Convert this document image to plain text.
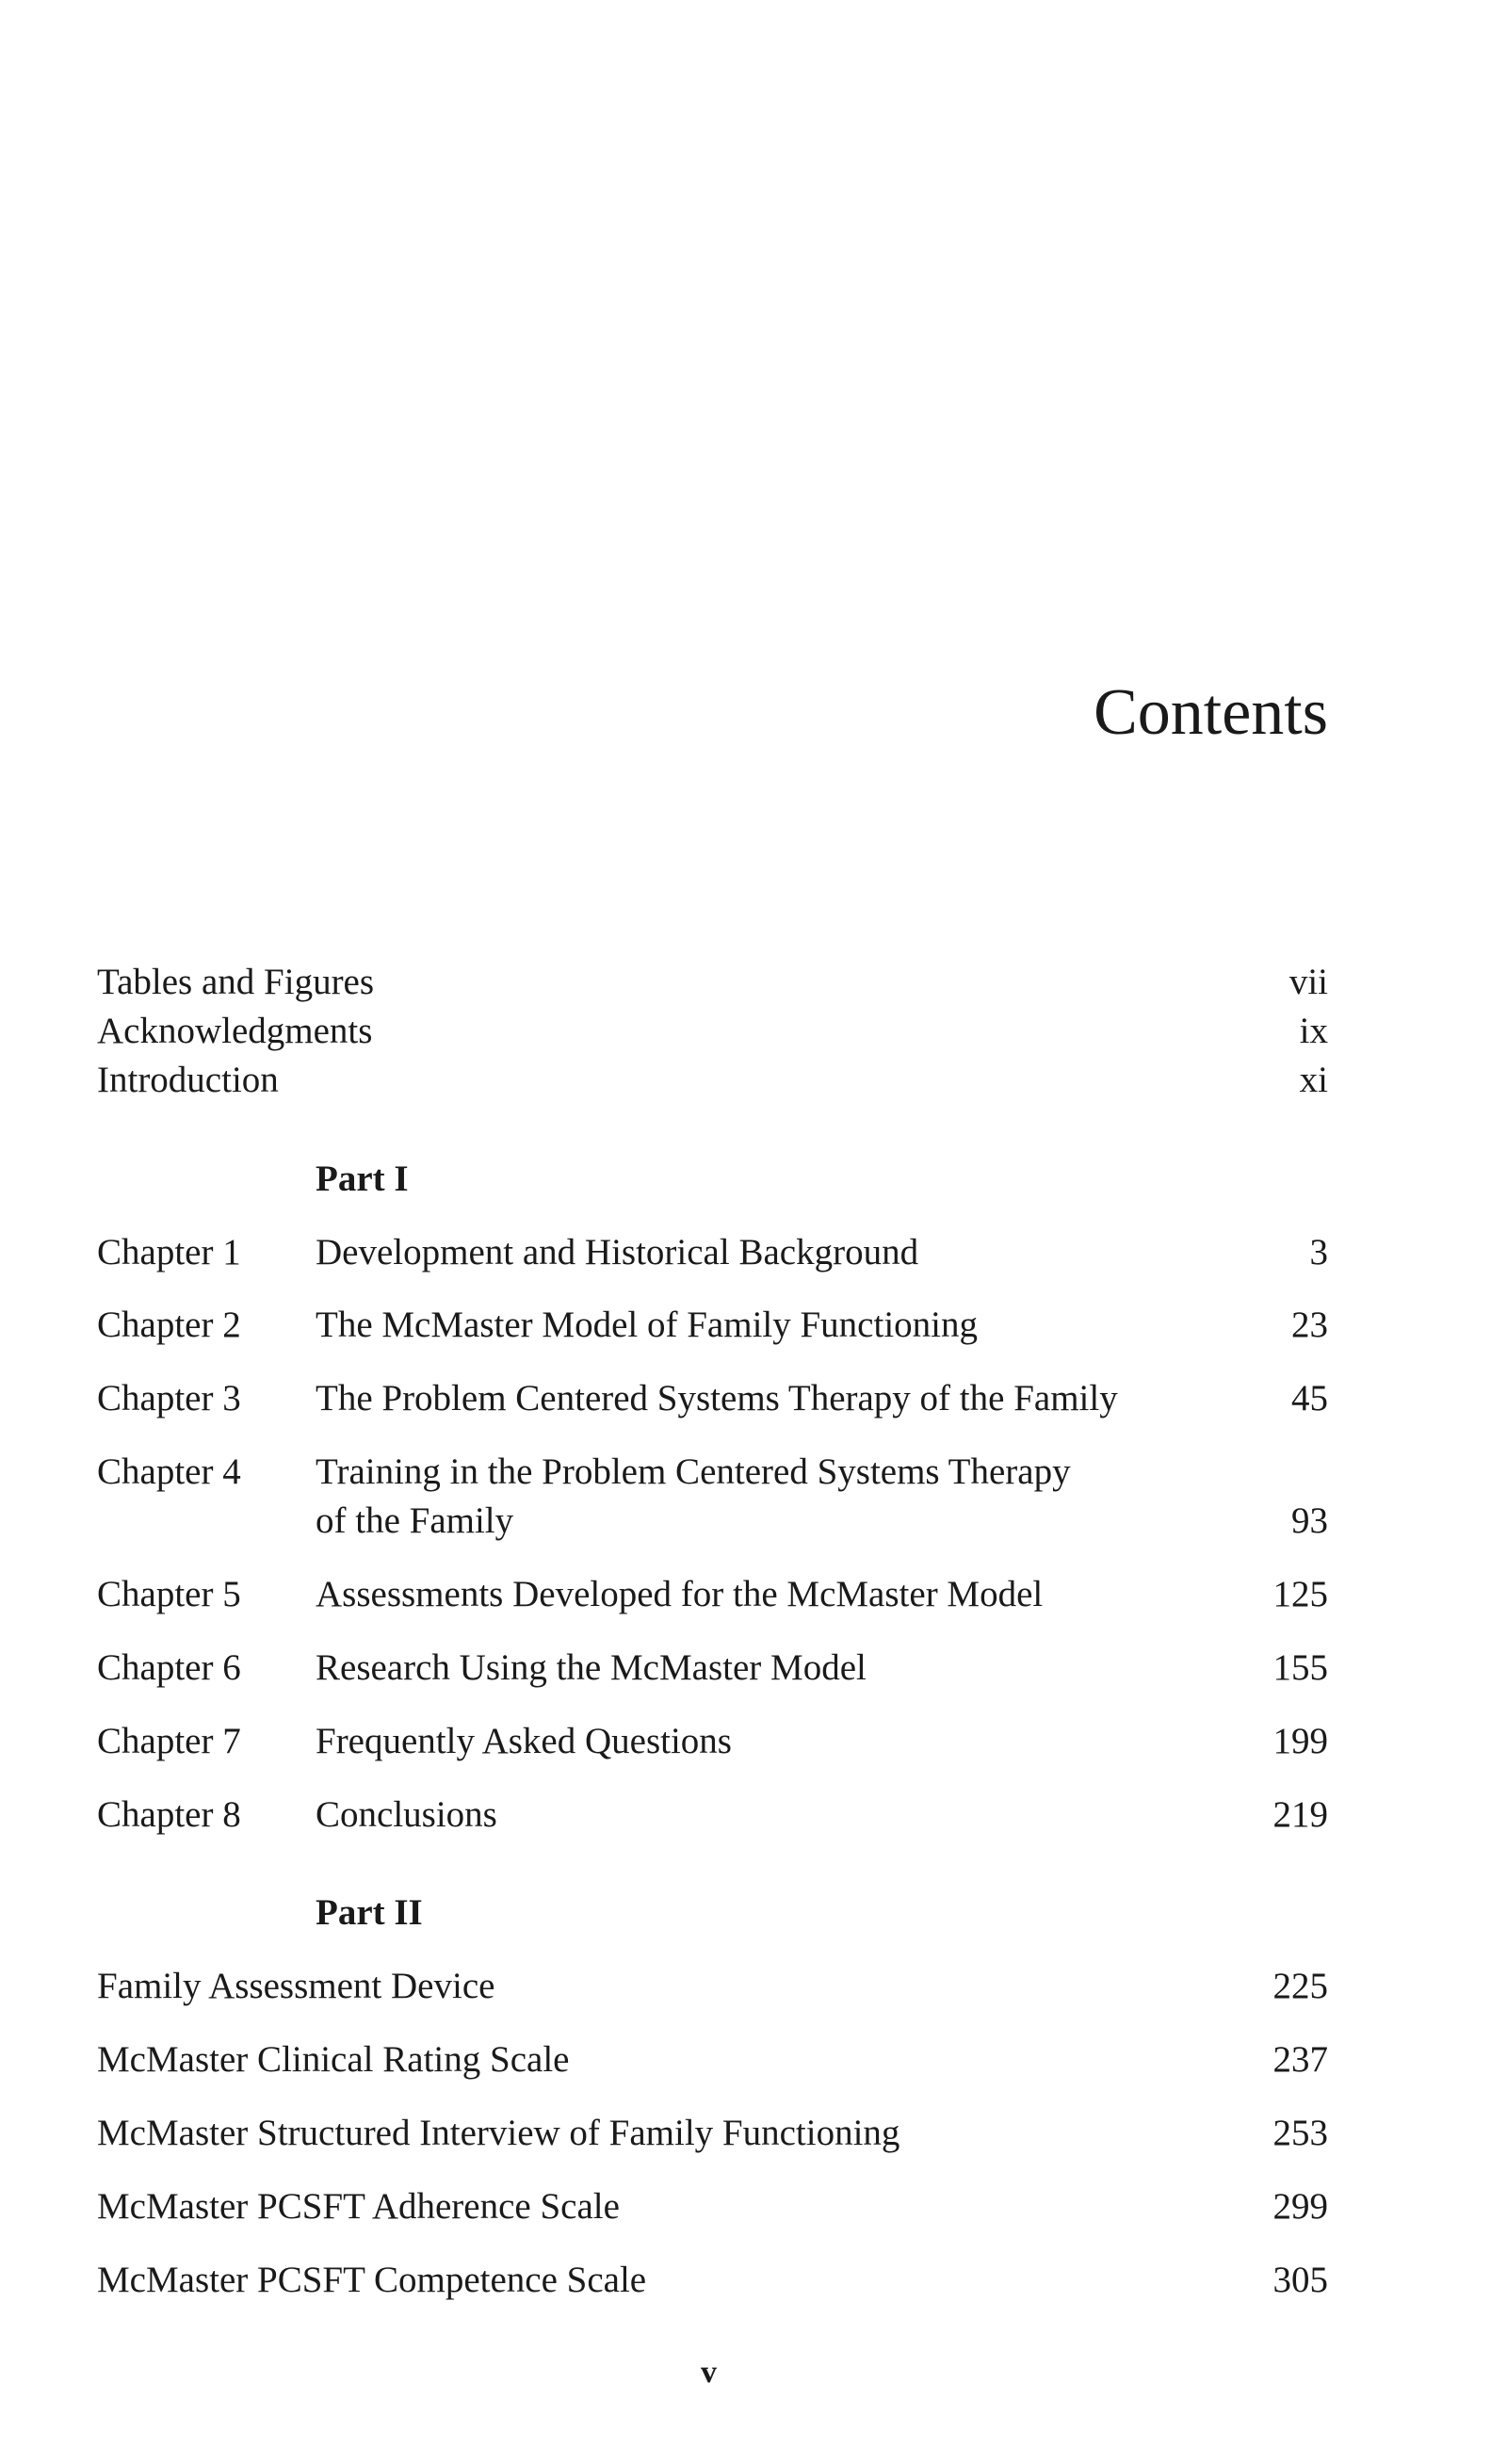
Contents
Tables and Figures	vii
Acknowledgments	ix
Introduction	xi
Part I
Chapter 1 Development and Historical Background	3
Chapter 2 The McMaster Model of Family Functioning	23
Chapter 3 The Problem Centered Systems Therapy of the Family	45
Chapter 4 Training in the Problem Centered Systems Therapy
of the Family	93
Chapter 5 Assessments Developed for the McMaster Model	125
Chapter 6 Research Using the McMaster Model	155
Chapter 7 Frequently Asked Questions	199
Chapter 8 Conclusions	219
Part II
Family Assessment Device	225
McMaster Clinical Rating Scale	237
McMaster Structured Interview of Family Functioning	253
McMaster PCSFT Adherence Scale	299
McMaster PCSFT Competence Scale	305
v
